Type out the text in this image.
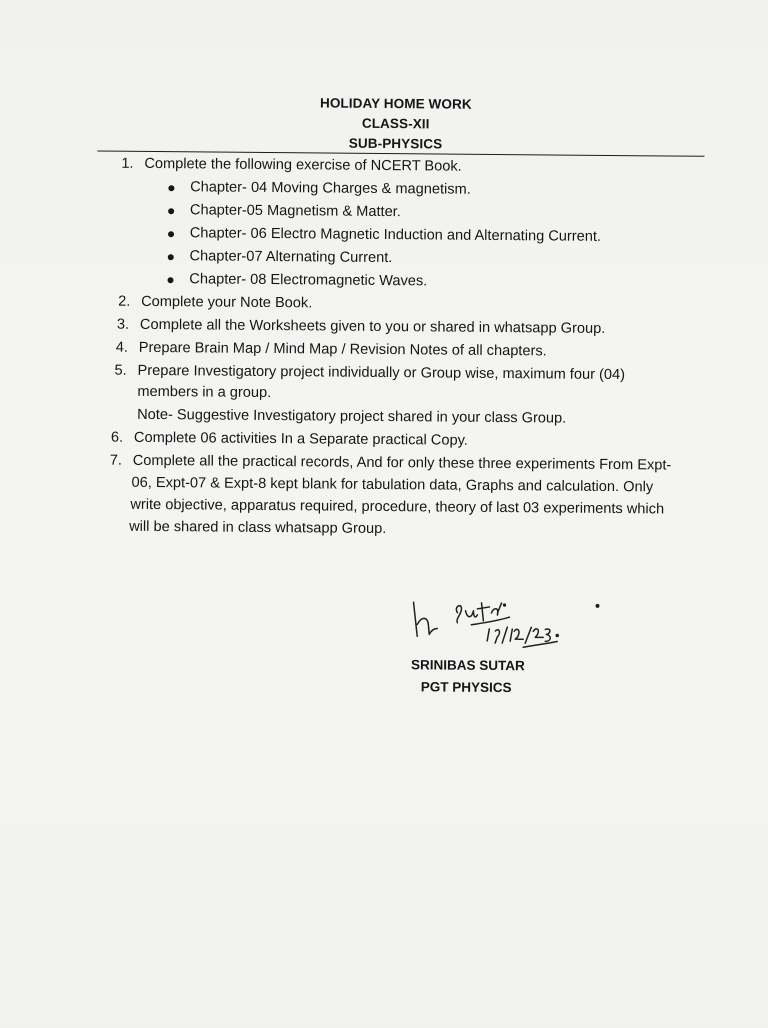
HOLIDAY HOME WORK
CLASS-XII
SUB-PHYSICS
1. Complete the following exercise of NCERT Book.
● Chapter- 04 Moving Charges & magnetism.
● Chapter-05 Magnetism & Matter.
● Chapter- 06 Electro Magnetic Induction and Alternating Current.
● Chapter-07 Alternating Current.
● Chapter- 08 Electromagnetic Waves.
2. Complete your Note Book.
3. Complete all the Worksheets given to you or shared in whatsapp Group.
4. Prepare Brain Map / Mind Map / Revision Notes of all chapters.
5. Prepare Investigatory project individually or Group wise, maximum four (04)
members in a group.
Note- Suggestive Investigatory project shared in your class Group.
6. Complete 06 activities In a Separate practical Copy.
7. Complete all the practical records, And for only these three experiments From Expt-
06, Expt-07 & Expt-8 kept blank for tabulation data, Graphs and calculation. Only
write objective, apparatus required, procedure, theory of last 03 experiments which
will be shared in class whatsapp Group.
SRINIBAS SUTAR
PGT PHYSICS
